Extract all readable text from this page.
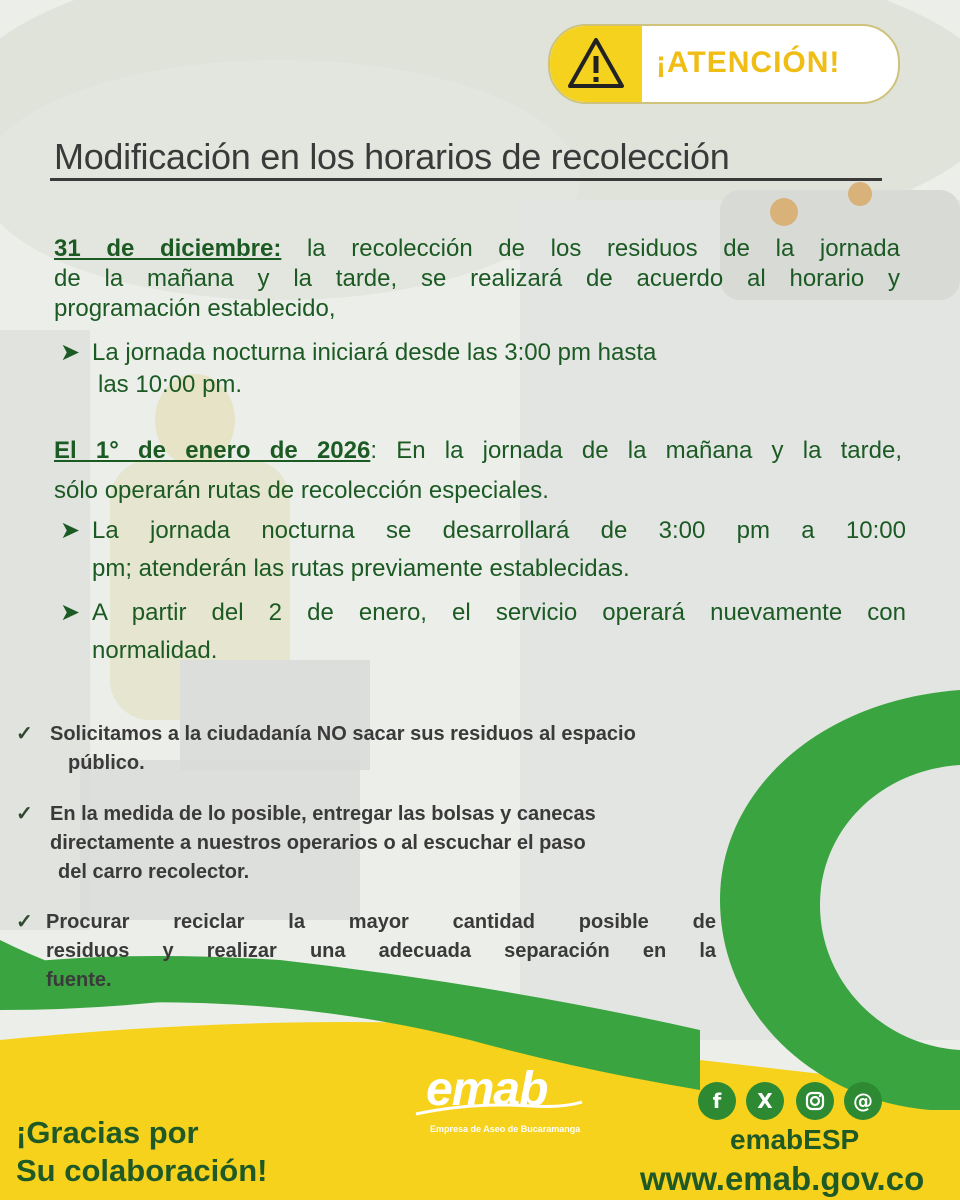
¡ATENCIÓN!
Modificación en los horarios de recolección
31 de diciembre: la recolección de los residuos de la jornada
de la mañana y la tarde, se realizará de acuerdo al horario y
programación establecido,
➤ La jornada nocturna iniciará desde las 3:00 pm hasta
las 10:00 pm.
El 1° de enero de 2026: En la jornada de la mañana y la tarde,
sólo operarán rutas de recolección especiales.
➤ La jornada nocturna se desarrollará de 3:00 pm a 10:00
pm; atenderán las rutas previamente establecidas.
➤ A partir del 2 de enero, el servicio operará nuevamente con
normalidad.
✓ Solicitamos a la ciudadanía NO sacar sus residuos al espacio
público.
✓ En la medida de lo posible, entregar las bolsas y canecas
directamente a nuestros operarios o al escuchar el paso
del carro recolector.
✓ Procurar reciclar la mayor cantidad posible de
residuos y realizar una adecuada separación en la
fuente.
¡Gracias por
Su colaboración!
emab
Empresa de Aseo de Bucaramanga
f	X	@
emabESP
www.emab.gov.co
